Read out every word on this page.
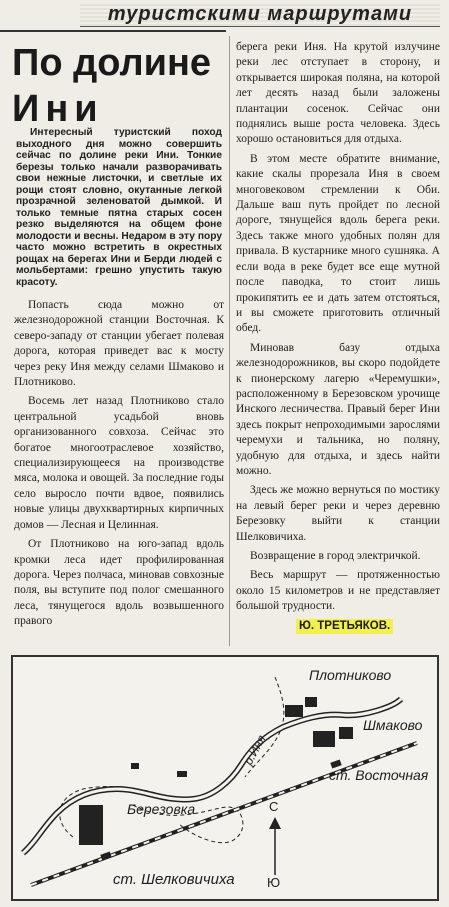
туристскими маршрутами
По долине
Ини
Интересный туристский поход выходного дня можно совершить сейчас по долине реки Ини. Тонкие березы только начали разворачивать свои нежные листочки, и светлые их рощи стоят словно, окутанные легкой прозрачной зеленоватой дымкой. И только темные пятна старых сосен резко выделяются на общем фоне молодости и весны. Недаром в эту пору часто можно встретить в окрестных рощах на берегах Ини и Берди людей с мольбертами: грешно упустить такую красоту.

Попасть сюда можно от железнодорожной станции Восточная. К северо-западу от станции убегает полевая дорога, которая приведет вас к мосту через реку Иня между селами Шмаково и Плотниково.

Восемь лет назад Плотниково стало центральной усадьбой вновь организованного совхоза. Сейчас это богатое многоотраслевое хозяйство, специализирующееся на производстве мяса, молока и овощей. За последние годы село выросло почти вдвое, появились новые улицы двухквартирных кирпичных домов — Лесная и Целинная.

От Плотниково на юго-запад вдоль кромки леса идет профилированная дорога. Через полчаса, миновав совхозные поля, вы вступите под полог смешанного леса, тянущегося вдоль возвышенного правого

берега реки Иня. На крутой излучине реки лес отступает в сторону, и открывается широкая поляна, на которой лет десять назад были заложены плантации сосенок. Сейчас они поднялись выше роста человека. Здесь хорошо остановиться для отдыха.

В этом месте обратите внимание, какие скалы прорезала Иня в своем многовековом стремлении к Оби. Дальше ваш путь пройдет по лесной дороге, тянущейся вдоль берега реки. Здесь также много удобных полян для привала. В кустарнике много сушняка. А если вода в реке будет все еще мутной после паводка, то стоит лишь прокипятить ее и дать затем отстояться, и вы сможете приготовить отличный обед.

Миновав базу отдыха железнодорожников, вы скоро подойдете к пионерскому лагерю «Черемушки», расположенному в Березовском урочище Инского лесничества. Правый берег Ини здесь покрыт непроходимыми зарослями черемухи и тальника, но поляну, удобную для отдыха, и здесь найти можно.

Здесь же можно вернуться по мостику на левый берег реки и через деревню Березовку выйти к станции Шелковичиха.

Возвращение в город электричкой.

Весь маршрут — протяженностью около 15 километров и не представляет большой трудности.

Ю. ТРЕТЬЯКОВ.
Плотниково
Шмаково
ст. Восточная
Березовка
ст. Шелковичиха
р.Иня
С
Ю
